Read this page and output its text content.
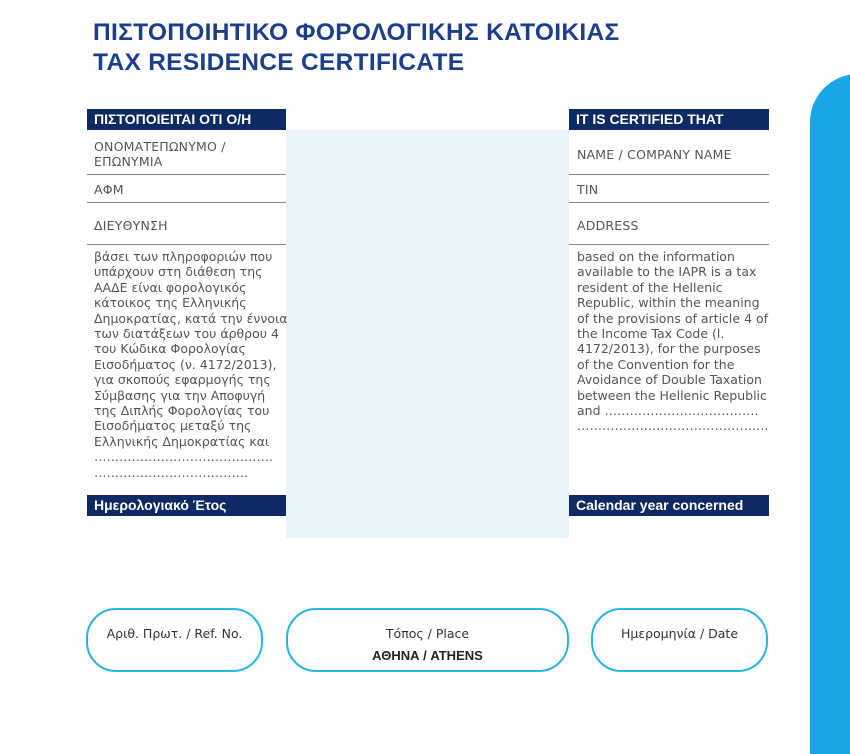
ΠΙΣΤΟΠΟΙΗΤΙΚΟ ΦΟΡΟΛΟΓΙΚΗΣ ΚΑΤΟΙΚΙΑΣ
TAX RESIDENCE CERTIFICATE
ΠΙΣΤΟΠΟΙΕΙΤΑΙ ΟΤΙ Ο/Η	IT IS CERTIFIED THAT
ΟΝΟΜΑΤΕΠΩΝΥΜΟ /
ΕΠΩΝΥΜΙΑ	NAME / COMPANY NAME
ΑΦΜ	TIN
ΔΙΕΥΘΥΝΣΗ	ADDRESS

βάσει των πληροφοριών που
υπάρχουν στη διάθεση της
ΑΑΔΕ είναι φορολογικός
κάτοικος της Ελληνικής
Δημοκρατίας, κατά την έννοια
των διατάξεων του άρθρου 4
του Κώδικα Φορολογίας
Εισοδήματος (ν. 4172/2013),
για σκοπούς εφαρμογής της
Σύμβασης για την Αποφυγή
της Διπλής Φορολογίας του
Εισοδήματος μεταξύ της
Ελληνικής Δημοκρατίας και
…………………………………….
……………………………….

based on the information
available to the IAPR is a tax
resident of the Hellenic
Republic, within the meaning
of the provisions of article 4 of
the Income Tax Code (l.
4172/2013), for the purposes
of the Convention for the
Avoidance of Double Taxation
between the Hellenic Republic
and ……………………………….
……………………………………….

Ημερολογιακό Έτος	Calendar year concerned
Αριθ. Πρωτ. / Ref. No.	Τόπος / Place
ΑΘΗΝΑ / ATHENS
Ημερομηνία / Date
